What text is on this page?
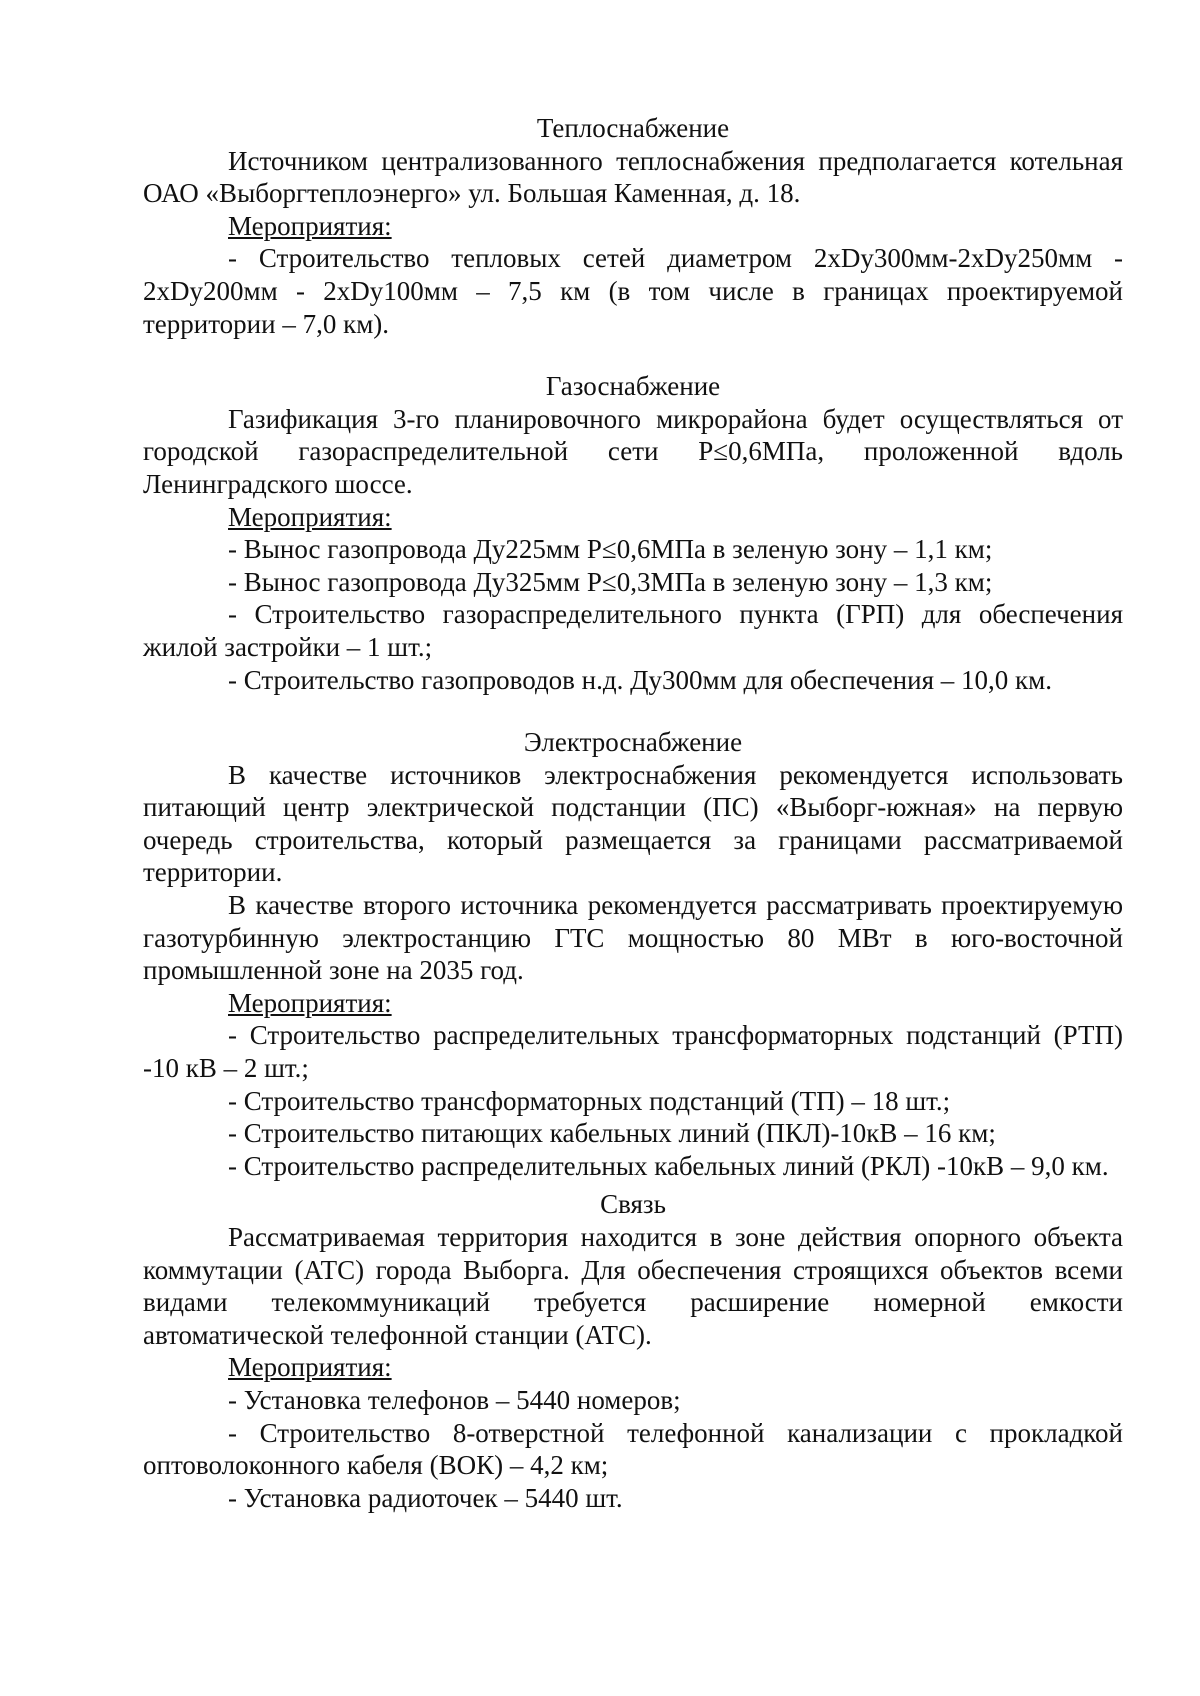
Теплоснабжение

Источником централизованного теплоснабжения предполагается котельная ОАО «Выборгтеплоэнерго» ул. Большая Каменная, д. 18.

Мероприятия:

- Строительство тепловых сетей диаметром 2хDy300мм-2хDy250мм - 2хDy200мм - 2хDy100мм – 7,5 км (в том числе в границах проектируемой территории – 7,0 км).

Газоснабжение

Газификация 3-го планировочного микрорайона будет осуществляться от городской газораспределительной сети Р≤0,6МПа, проложенной вдоль Ленинградского шоссе.

Мероприятия:

- Вынос газопровода Ду225мм Р≤0,6МПа в зеленую зону – 1,1 км;

- Вынос газопровода Ду325мм Р≤0,3МПа в зеленую зону – 1,3 км;

- Строительство газораспределительного пункта (ГРП) для обеспечения жилой застройки – 1 шт.;

- Строительство газопроводов н.д. Ду300мм для обеспечения – 10,0 км.

Электроснабжение

В качестве источников электроснабжения рекомендуется использовать питающий центр электрической подстанции (ПС) «Выборг-южная» на первую очередь строительства, который размещается за границами рассматриваемой территории.

В качестве второго источника рекомендуется рассматривать проектируемую газотурбинную электростанцию ГТС мощностью 80 МВт в юго-восточной промышленной зоне на 2035 год.

Мероприятия:

- Строительство распределительных трансформаторных подстанций (РТП) -10 кВ – 2 шт.;

- Строительство трансформаторных подстанций (ТП) – 18 шт.;

- Строительство питающих кабельных линий (ПКЛ)-10кВ – 16 км;

- Строительство распределительных кабельных линий (РКЛ) -10кВ – 9,0 км.

Связь

Рассматриваемая территория находится в зоне действия опорного объекта коммутации (АТС) города Выборга. Для обеспечения строящихся объектов всеми видами телекоммуникаций требуется расширение номерной емкости автоматической телефонной станции (АТС).

Мероприятия:

- Установка телефонов – 5440 номеров;

- Строительство 8-отверстной телефонной канализации с прокладкой оптоволоконного кабеля (ВОК) – 4,2 км;

- Установка радиоточек – 5440 шт.
